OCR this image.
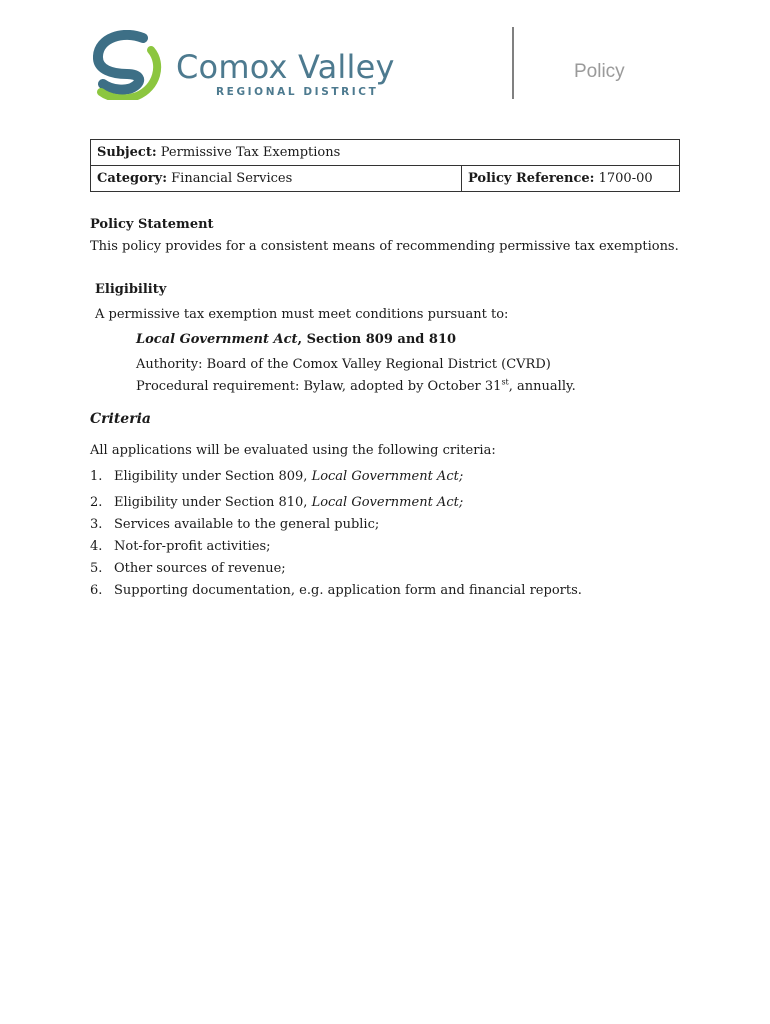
Comox Valley
REGIONAL DISTRICT
Policy
Subject: Permissive Tax Exemptions
Category: Financial Services	Policy Reference: 1700-00
Policy Statement
This policy provides for a consistent means of recommending permissive tax exemptions.
Eligibility
A permissive tax exemption must meet conditions pursuant to:
Local Government Act, Section 809 and 810
Authority: Board of the Comox Valley Regional District (CVRD)
Procedural requirement: Bylaw, adopted by October 31st, annually.
Criteria
All applications will be evaluated using the following criteria:
1. Eligibility under Section 809, Local Government Act;
2. Eligibility under Section 810, Local Government Act;
3. Services available to the general public;
4. Not-for-profit activities;
5. Other sources of revenue;
6. Supporting documentation, e.g. application form and financial reports.
